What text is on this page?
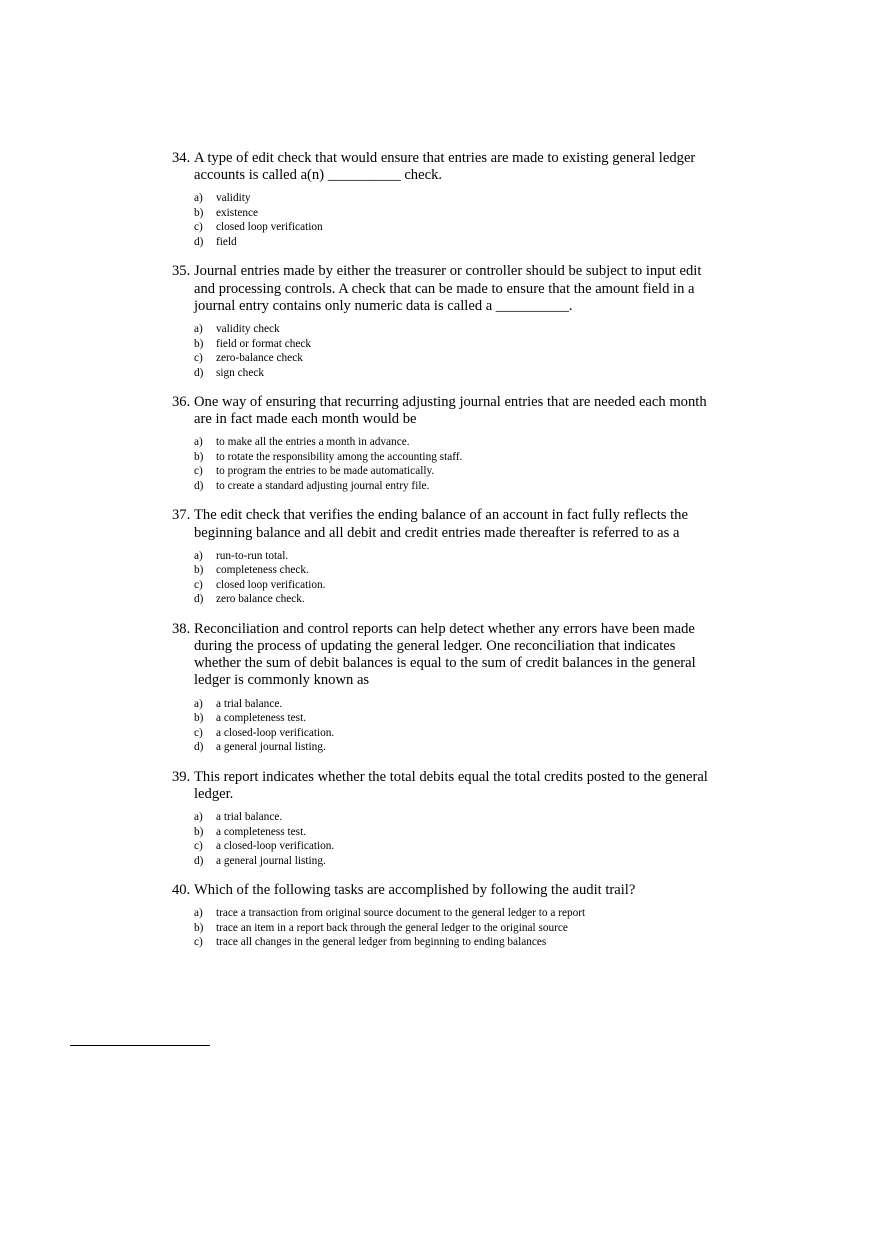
34. A type of edit check that would ensure that entries are made to existing general ledger accounts is called a(n) __________ check.
a)	validity
b)	existence
c)	closed loop verification
d)	field
35. Journal entries made by either the treasurer or controller should be subject to input edit and processing controls. A check that can be made to ensure that the amount field in a journal entry contains only numeric data is called a __________.
a)	validity check
b)	field or format check
c)	zero-balance check
d)	sign check
36. One way of ensuring that recurring adjusting journal entries that are needed each month are in fact made each month would be
a)	to make all the entries a month in advance.
b)	to rotate the responsibility among the accounting staff.
c)	to program the entries to be made automatically.
d)	to create a standard adjusting journal entry file.
37. The edit check that verifies the ending balance of an account in fact fully reflects the beginning balance and all debit and credit entries made thereafter is referred to as a
a)	run-to-run total.
b)	completeness check.
c)	closed loop verification.
d)	zero balance check.
38. Reconciliation and control reports can help detect whether any errors have been made during the process of updating the general ledger. One reconciliation that indicates whether the sum of debit balances is equal to the sum of credit balances in the general ledger is commonly known as
a)	a trial balance.
b)	a completeness test.
c)	a closed-loop verification.
d)	a general journal listing.
39. This report indicates whether the total debits equal the total credits posted to the general ledger.
a)	a trial balance.
b)	a completeness test.
c)	a closed-loop verification.
d)	a general journal listing.
40. Which of the following tasks are accomplished by following the audit trail?
a)	trace a transaction from original source document to the general ledger to a report
b)	trace an item in a report back through the general ledger to the original source
c)	trace all changes in the general ledger from beginning to ending balances
.
